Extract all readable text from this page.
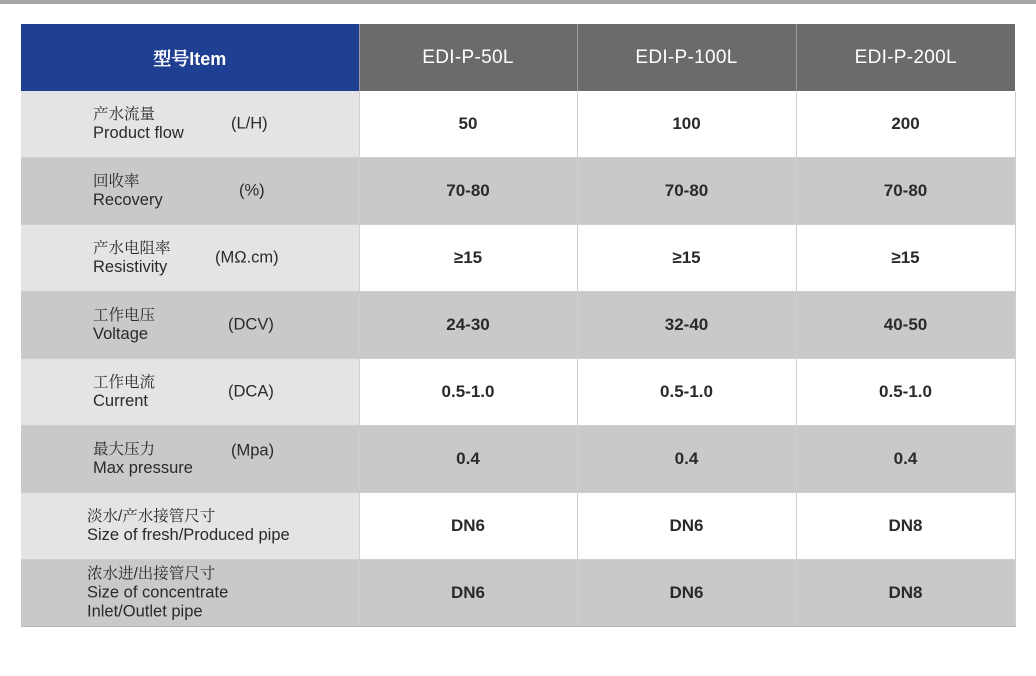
型号Item	EDI-P-50L	EDI-P-100L	EDI-P-200L

产水流量
Product flow
(L/H)	50	100	200

回收率
Recovery
(%)	70-80	70-80	70-80

产水电阻率
Resistivity
(MΩ.cm)	≥15	≥15	≥15

工作电压
Voltage
(DCV)	24-30	32-40	40-50

工作电流
Current
(DCA)	0.5-1.0	0.5-1.0	0.5-1.0

最大压力
Max pressure
(Mpa)	0.4	0.4	0.4

淡水/产水接管尺寸
Size of fresh/Produced pipe	DN6	DN6	DN8

浓水进/出接管尺寸
Size of concentrate
Inlet/Outlet pipe	DN6	DN6	DN8
